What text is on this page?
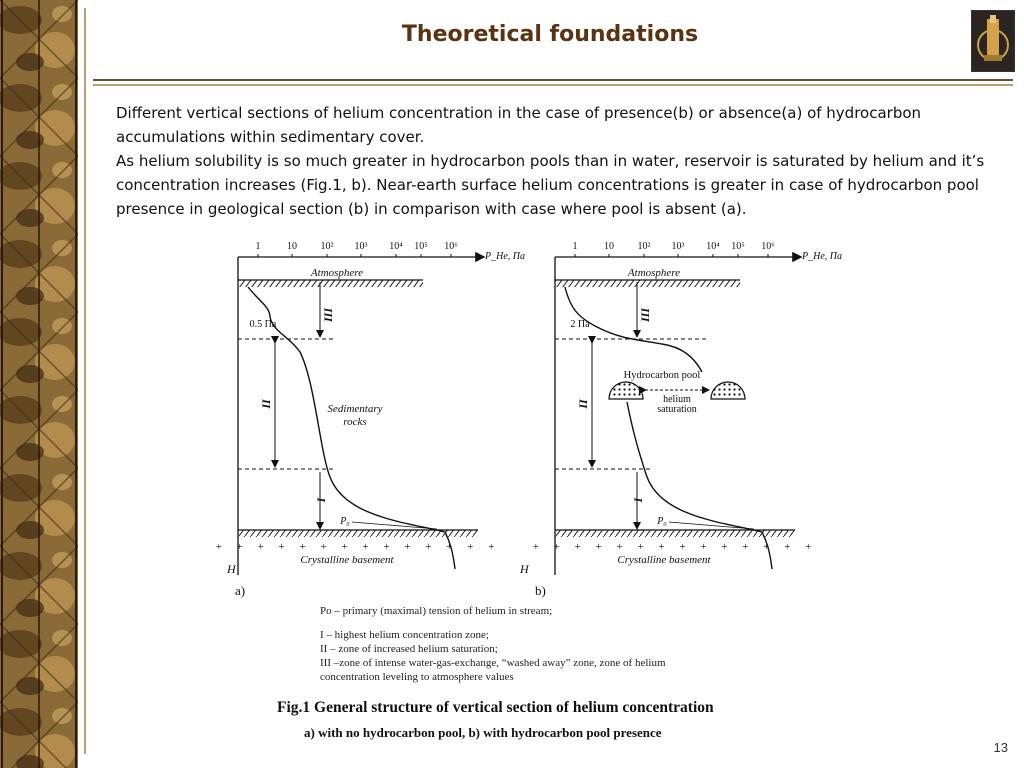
Theoretical foundations

Different vertical sections of helium concentration in the case of presence(b) or absence(a) of hydrocarbon accumulations within sedimentary cover.

As helium solubility is so much greater in hydrocarbon pools than in water, reservoir is saturated by helium and it’s concentration increases (Fig.1, b). Near-earth surface helium concentrations is greater in case of hydrocarbon pool presence in geological section (b) in comparison with case where pool is absent (a).

1	10 10² 10³ 10⁴ 10⁵ 10⁶
P_He, Па
Atmosphere
III
II
I
0.5 Па
Sedimentary
rocks
P₀
+ + + + + + + + + + + + + +
Crystalline basement
H
a)
1	10 10² 10³ 10⁴ 10⁵ 10⁶
P_He, Па
Atmosphere
III
II
I
2 Па
Hydrocarbon pool
helium
saturation
P₀
+ + + + + + + + + + + + + +
Crystalline basement
H
b)

Po – primary (maximal) tension of helium in stream;

I – highest helium concentration zone;

II – zone of increased helium saturation;

III –zone of intense water-gas-exchange, “washed away” zone, zone of helium

concentration leveling to atmosphere values

Fig.1 General structure of vertical section of helium concentration
a) with no hydrocarbon pool, b) with hydrocarbon pool presence
13
